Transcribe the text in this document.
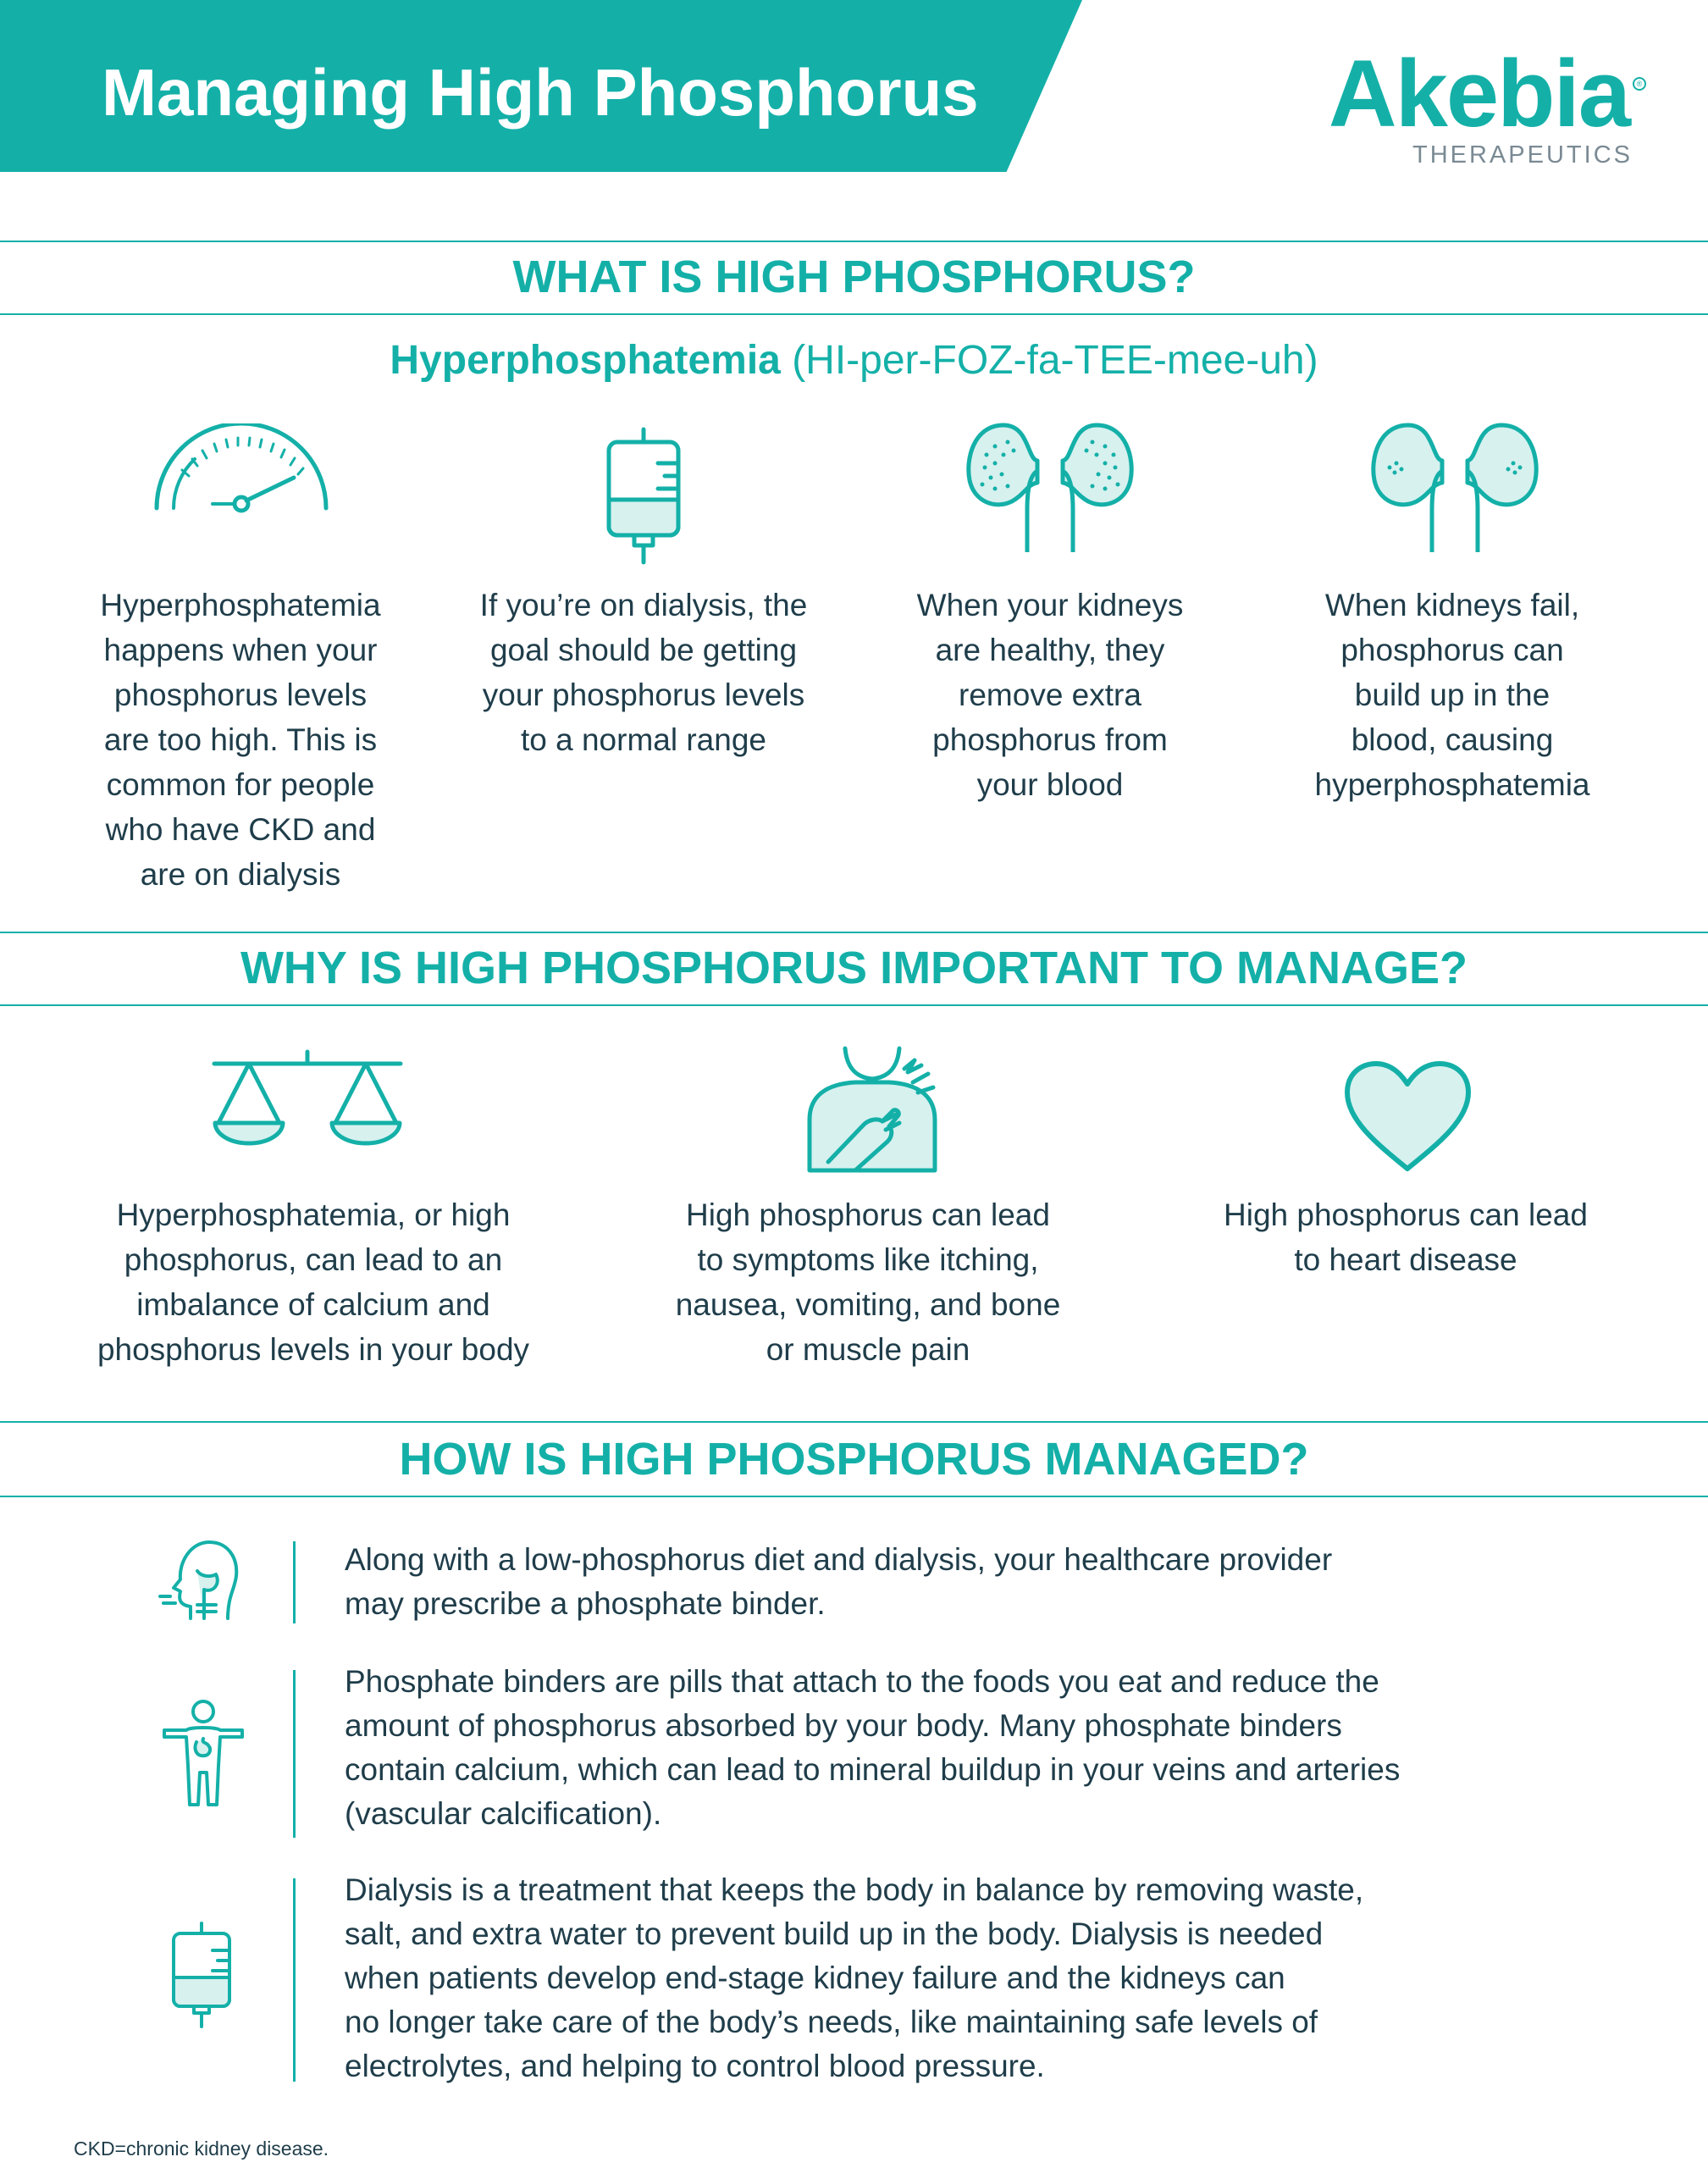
Managing High Phosphorus	Akebia ®
THERAPEUTICS
WHAT IS HIGH PHOSPHORUS?
Hyperphosphatemia (HI-per-FOZ-fa-TEE-mee-uh)
Hyperphosphatemia
happens when your
phosphorus levels
are too high. This is
common for people
who have CKD and
are on dialysis
If you’re on dialysis, the
goal should be getting
your phosphorus levels
to a normal range
When your kidneys
are healthy, they
remove extra
phosphorus from
your blood
When kidneys fail,
phosphorus can
build up in the
blood, causing
hyperphosphatemia
WHY IS HIGH PHOSPHORUS IMPORTANT TO MANAGE?
Hyperphosphatemia, or high
phosphorus, can lead to an
imbalance of calcium and
phosphorus levels in your body
High phosphorus can lead
to symptoms like itching,
nausea, vomiting, and bone
or muscle pain
High phosphorus can lead
to heart disease
HOW IS HIGH PHOSPHORUS MANAGED?
Along with a low-phosphorus diet and dialysis, your healthcare provider
may prescribe a phosphate binder.
Phosphate binders are pills that attach to the foods you eat and reduce the
amount of phosphorus absorbed by your body. Many phosphate binders
contain calcium, which can lead to mineral buildup in your veins and arteries
(vascular calcification).
Dialysis is a treatment that keeps the body in balance by removing waste,
salt, and extra water to prevent build up in the body. Dialysis is needed
when patients develop end-stage kidney failure and the kidneys can
no longer take care of the body’s needs, like maintaining safe levels of
electrolytes, and helping to control blood pressure.
CKD=chronic kidney disease.
